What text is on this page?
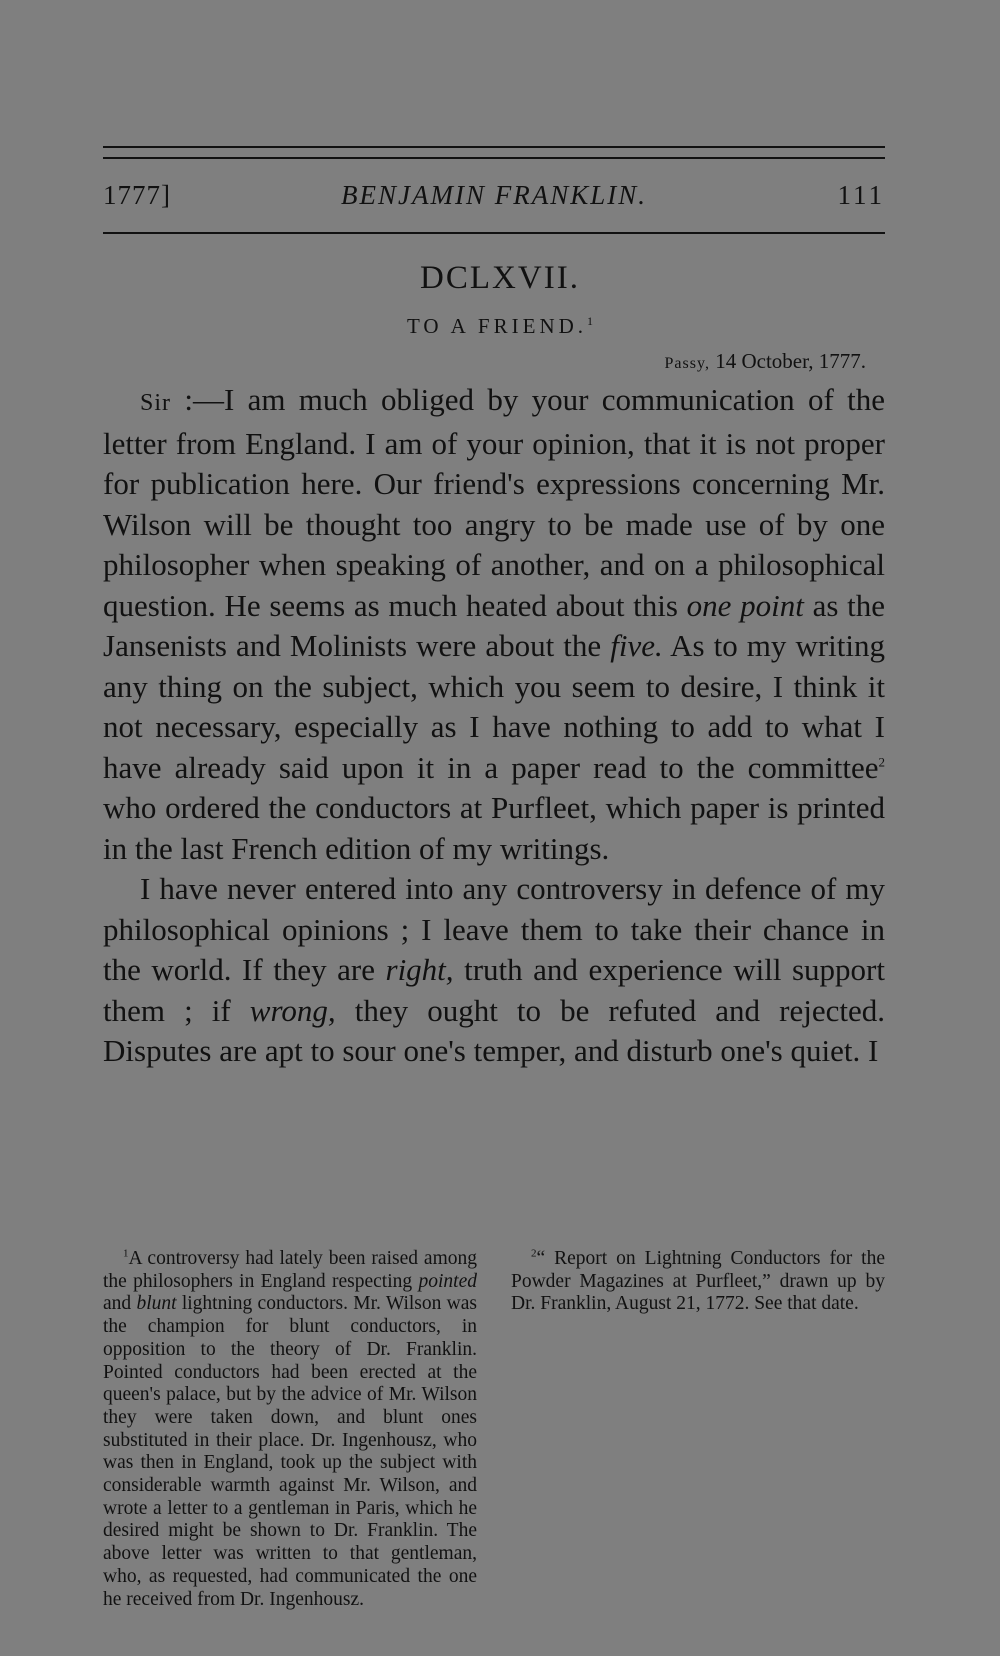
1777]	BENJAMIN FRANKLIN.	111
DCLXVII.
TO A FRIEND.$^1$
Passy, 14 October, 1777.

Sir :—I am much obliged by your communication of the letter from England. I am of your opinion, that it is not proper for publication here. Our friend's expressions concerning Mr. Wilson will be thought too angry to be made use of by one philosopher when speaking of another, and on a philosophical question. He seems as much heated about this one point as the Jansenists and Molinists were about the five. As to my writing any thing on the subject, which you seem to desire, I think it not necessary, especially as I have nothing to add to what I have already said upon it in a paper read to the committee$^2$ who ordered the conductors at Purfleet, which paper is printed in the last French edition of my writings.

I have never entered into any controversy in defence of my philosophical opinions ; I leave them to take their chance in the world. If they are right, truth and experience will support them ; if wrong, they ought to be refuted and rejected. Disputes are apt to sour one's temper, and disturb one's quiet. I

$^1$A controversy had lately been raised among the philosophers in England respecting pointed and blunt lightning conductors. Mr. Wilson was the champion for blunt conductors, in opposition to the theory of Dr. Franklin. Pointed conductors had been erected at the queen's palace, but by the advice of Mr. Wilson they were taken down, and blunt ones substituted in their place. Dr. Ingenhousz, who was then in England, took up the subject with considerable warmth against Mr. Wilson, and wrote a letter to a gentleman in Paris, which he desired might be shown to Dr. Franklin. The above letter was written to that gentleman, who, as requested, had communicated the one he received from Dr. Ingenhousz.

$^2$“ Report on Lightning Conductors for the Powder Magazines at Purfleet,” drawn up by Dr. Franklin, August 21, 1772. See that date.
